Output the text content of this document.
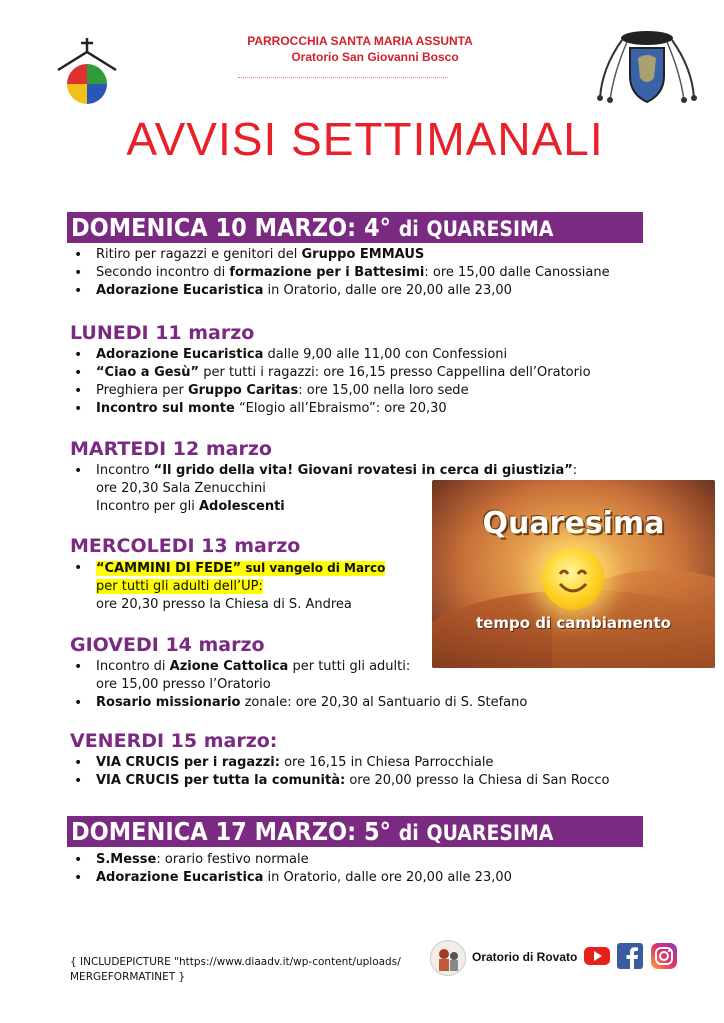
PARROCCHIA SANTA MARIA ASSUNTA
Oratorio San Giovanni Bosco
AVVISI SETTIMANALI
DOMENICA 10 MARZO: 4° di QUARESIMA
• Ritiro per ragazzi e genitori del Gruppo EMMAUS
• Secondo incontro di formazione per i Battesimi: ore 15,00 dalle Canossiane
• Adorazione Eucaristica in Oratorio, dalle ore 20,00 alle 23,00
LUNEDI 11 marzo
• Adorazione Eucaristica dalle 9,00 alle 11,00 con Confessioni
• “Ciao a Gesù” per tutti i ragazzi: ore 16,15 presso Cappellina dell’Oratorio
• Preghiera per Gruppo Caritas: ore 15,00 nella loro sede
• Incontro sul monte “Elogio all’Ebraismo”: ore 20,30
MARTEDI 12 marzo
• Incontro “Il grido della vita! Giovani rovatesi in cerca di giustizia”:
ore 20,30 Sala Zenucchini
Incontro per gli Adolescenti
MERCOLEDI 13 marzo
• “CAMMINI DI FEDE” sul vangelo di Marco
per tutti gli adulti dell’UP:
ore 20,30 presso la Chiesa di S. Andrea
GIOVEDI 14 marzo
• Incontro di Azione Cattolica per tutti gli adulti:
ore 15,00 presso l’Oratorio
• Rosario missionario zonale: ore 20,30 al Santuario di S. Stefano
Quaresima
tempo di cambiamento
VENERDI 15 marzo:
• VIA CRUCIS per i ragazzi: ore 16,15 in Chiesa Parrocchiale
• VIA CRUCIS per tutta la comunità: ore 20,00 presso la Chiesa di San Rocco
DOMENICA 17 MARZO: 5° di QUARESIMA
• S.Messe: orario festivo normale
• Adorazione Eucaristica in Oratorio, dalle ore 20,00 alle 23,00
{ INCLUDEPICTURE "https://www.diaadv.it/wp-content/uploads/
MERGEFORMATINET }
Oratorio di Rovato
